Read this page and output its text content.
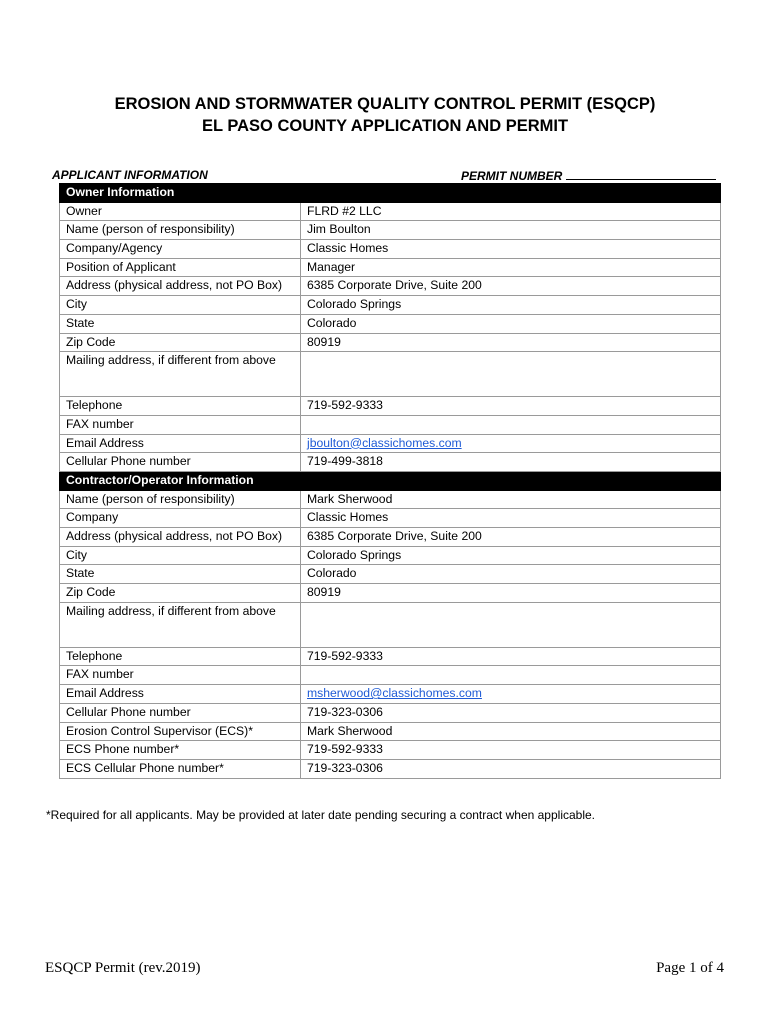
EROSION AND STORMWATER QUALITY CONTROL PERMIT (ESQCP)
EL PASO COUNTY APPLICATION AND PERMIT
APPLICANT INFORMATION	PERMIT NUMBER
Owner Information	
Owner	FLRD #2 LLC
Name (person of responsibility)	Jim Boulton
Company/Agency	Classic Homes
Position of Applicant	Manager
Address (physical address, not PO Box)	6385 Corporate Drive, Suite 200
City	Colorado Springs
State	Colorado
Zip Code	80919
Mailing address, if different from above	
Telephone	719-592-9333
FAX number	
Email Address	jboulton@classichomes.com
Cellular Phone number	719-499-3818
Contractor/Operator Information	
Name (person of responsibility)	Mark Sherwood
Company	Classic Homes
Address (physical address, not PO Box)	6385 Corporate Drive, Suite 200
City	Colorado Springs
State	Colorado
Zip Code	80919
Mailing address, if different from above	
Telephone	719-592-9333
FAX number	
Email Address	msherwood@classichomes.com
Cellular Phone number	719-323-0306
Erosion Control Supervisor (ECS)*	Mark Sherwood
ECS Phone number*	719-592-9333
ECS Cellular Phone number*	719-323-0306
*Required for all applicants. May be provided at later date pending securing a contract when applicable.
ESQCP Permit (rev.2019)	Page 1 of 4
